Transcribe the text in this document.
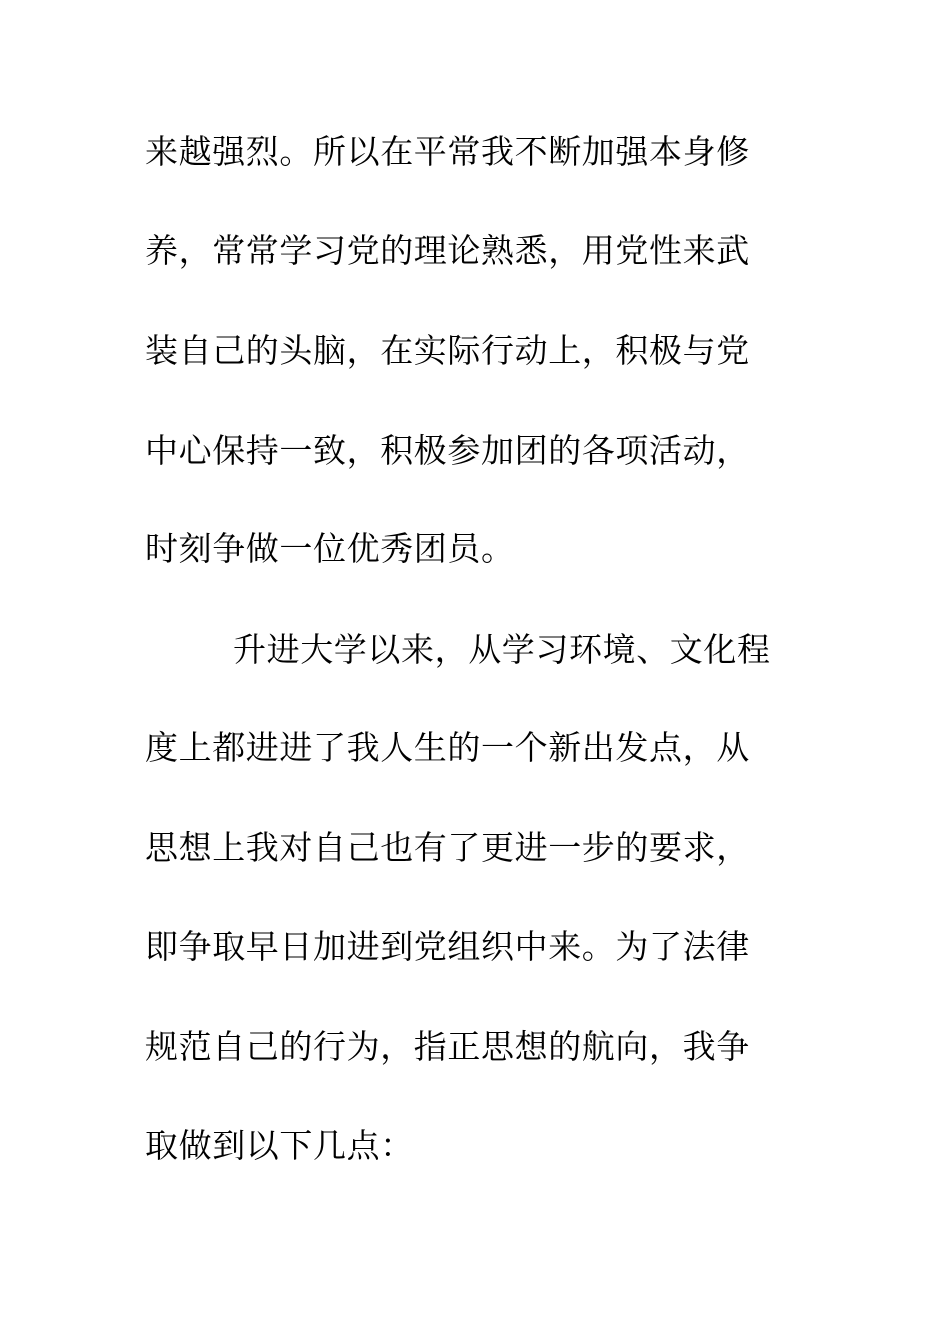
来越强烈。所以在平常我不断加强本身修
养，常常学习党的理论熟悉，用党性来武
装自己的头脑，在实际行动上，积极与党
中心保持一致，积极参加团的各项活动，
时刻争做一位优秀团员。
升进大学以来，从学习环境、文化程
度上都进进了我人生的一个新出发点，从
思想上我对自己也有了更进一步的要求，
即争取早日加进到党组织中来。为了法律
规范自己的行为，指正思想的航向，我争
取做到以下几点：
